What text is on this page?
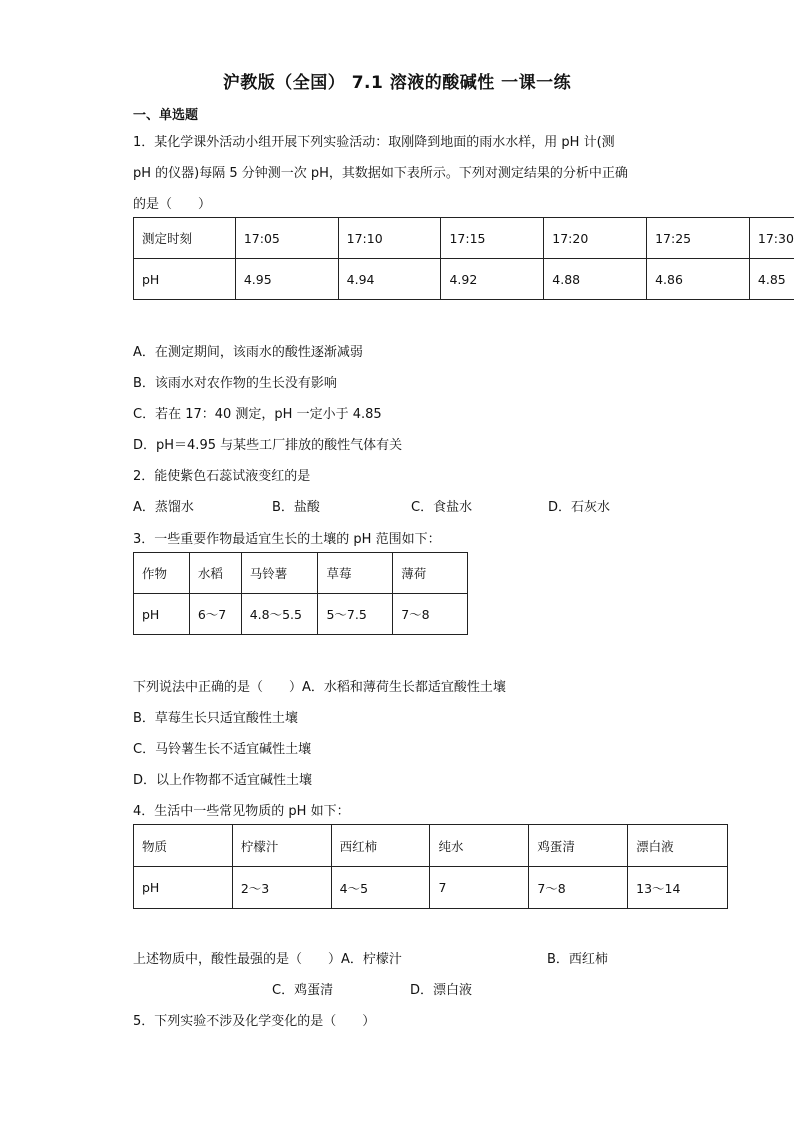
沪教版（全国） 7.1 溶液的酸碱性 一课一练
一、单选题
1．某化学课外活动小组开展下列实验活动：取刚降到地面的雨水水样，用 pH 计(测
pH 的仪器)每隔 5 分钟测一次 pH，其数据如下表所示。下列对测定结果的分析中正确
的是（　　）
测定时刻	17:05	17:10	17:15	17:20	17:25	17:30
pH	4.95	4.94	4.92	4.88	4.86	4.85
A．在测定期间，该雨水的酸性逐渐减弱
B．该雨水对农作物的生长没有影响
C．若在 17：40 测定，pH 一定小于 4.85
D．pH＝4.95 与某些工厂排放的酸性气体有关
2．能使紫色石蕊试液变红的是
A．蒸馏水	B．盐酸	C．食盐水	D．石灰水
3．一些重要作物最适宜生长的土壤的 pH 范围如下：
作物	水稻	马铃薯	草莓	薄荷
pH	6～7	4.8～5.5	5～7.5	7～8
下列说法中正确的是（　　）A．水稻和薄荷生长都适宜酸性土壤
B．草莓生长只适宜酸性土壤
C．马铃薯生长不适宜碱性土壤
D．以上作物都不适宜碱性土壤
4．生活中一些常见物质的 pH 如下：
物质	柠檬汁	西红柿	纯水	鸡蛋清	漂白液
pH	2～3	4～5	7	7～8	13～14
上述物质中，酸性最强的是（　　）A．柠檬汁	B．西红柿
C．鸡蛋清	D．漂白液
5．下列实验不涉及化学变化的是（　　）
